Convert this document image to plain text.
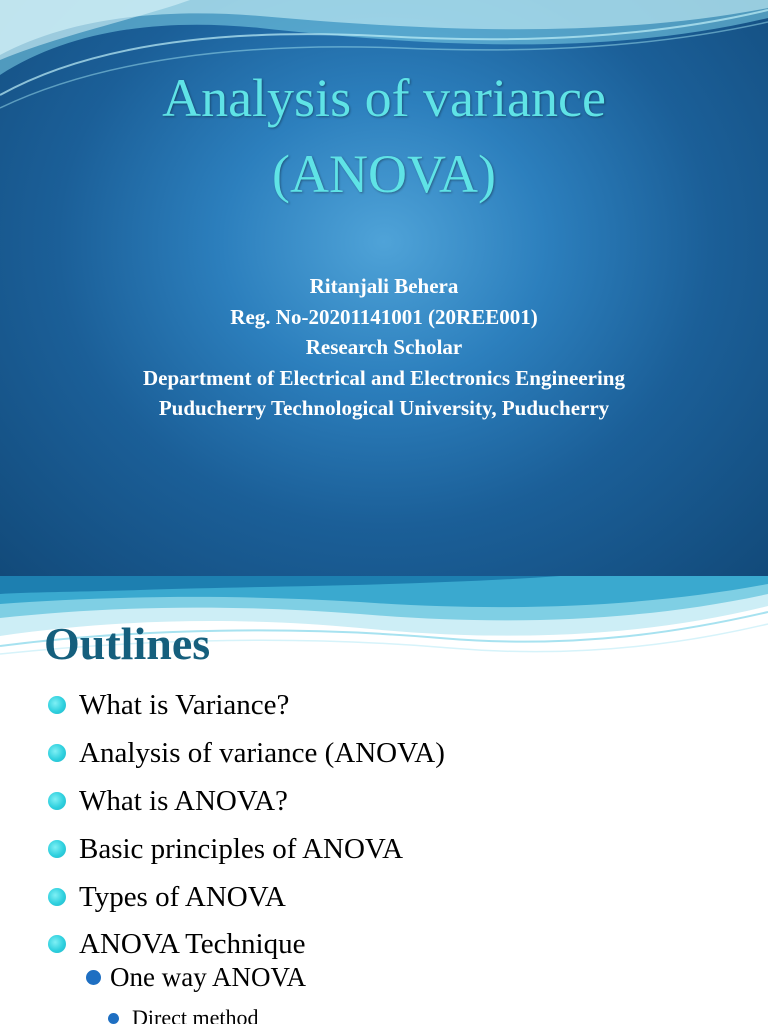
Analysis of variance
(ANOVA)
Ritanjali Behera
Reg. No-20201141001 (20REE001)
Research Scholar
Department of Electrical and Electronics Engineering
Puducherry Technological University, Puducherry
Outlines
What is Variance?
Analysis of variance (ANOVA)
What is ANOVA?
Basic principles of ANOVA
Types of ANOVA
ANOVA Technique
One way ANOVA
Direct method
